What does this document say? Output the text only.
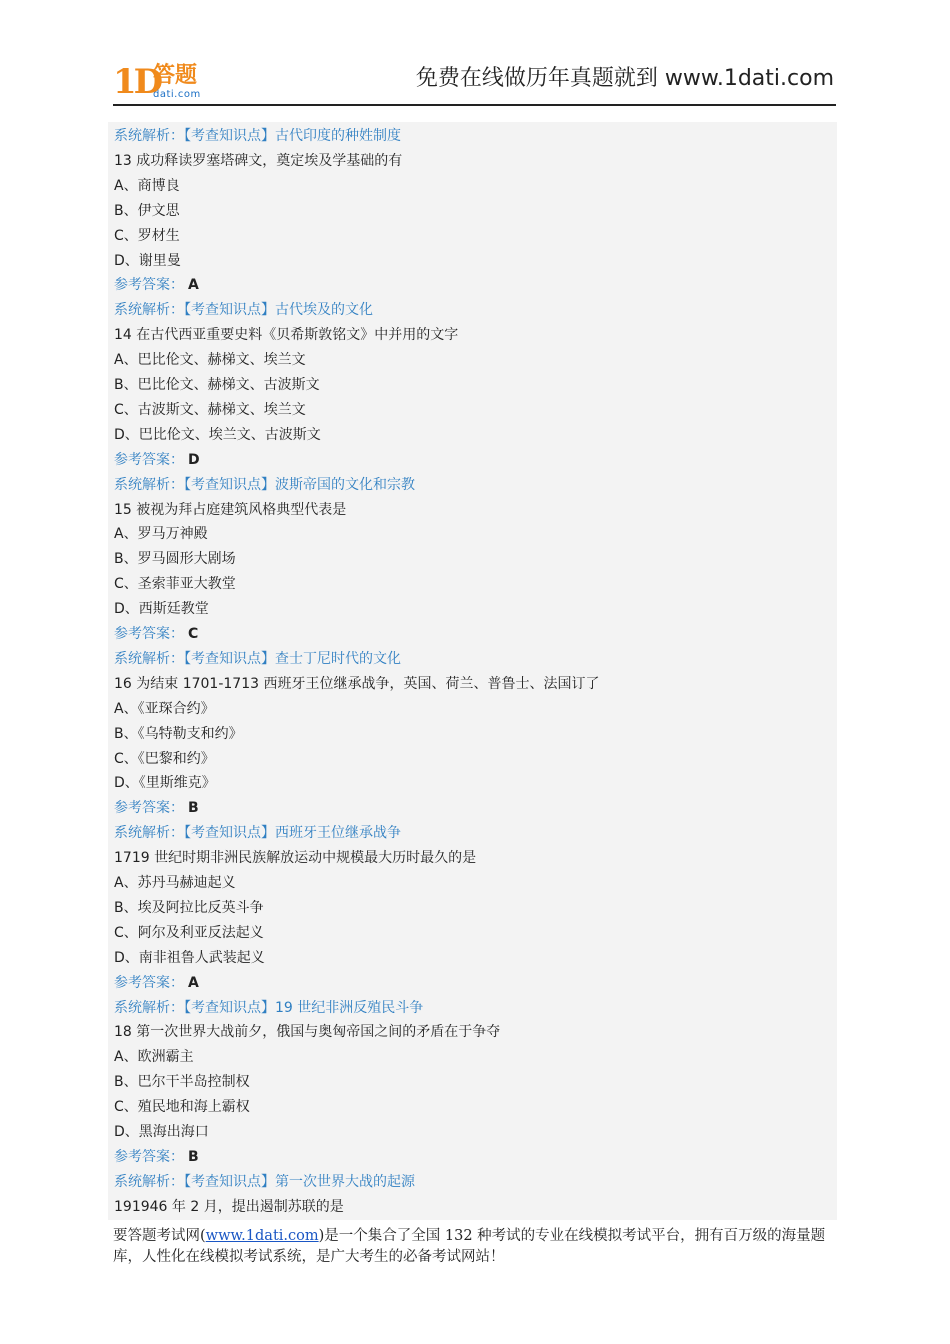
1D
答题
dati.com
免费在线做历年真题就到 www.1dati.com
系统解析：【考查知识点】古代印度的种姓制度
13 成功释读罗塞塔碑文，奠定埃及学基础的有
A、商博良
B、伊文思
C、罗材生
D、谢里曼
参考答案： A
系统解析：【考查知识点】古代埃及的文化
14 在古代西亚重要史料《贝希斯敦铭文》中并用的文字
A、巴比伦文、赫梯文、埃兰文
B、巴比伦文、赫梯文、古波斯文
C、古波斯文、赫梯文、埃兰文
D、巴比伦文、埃兰文、古波斯文
参考答案： D
系统解析：【考查知识点】波斯帝国的文化和宗教
15 被视为拜占庭建筑风格典型代表是
A、罗马万神殿
B、罗马圆形大剧场
C、圣索菲亚大教堂
D、西斯廷教堂
参考答案： C
系统解析：【考查知识点】查士丁尼时代的文化
16 为结束 1701-1713 西班牙王位继承战争，英国、荷兰、普鲁士、法国订了
A、《亚琛合约》
B、《乌特勒支和约》
C、《巴黎和约》
D、《里斯维克》
参考答案： B
系统解析：【考查知识点】西班牙王位继承战争
1719 世纪时期非洲民族解放运动中规模最大历时最久的是
A、苏丹马赫迪起义
B、埃及阿拉比反英斗争
C、阿尔及利亚反法起义
D、南非祖鲁人武装起义
参考答案： A
系统解析：【考查知识点】19 世纪非洲反殖民斗争
18 第一次世界大战前夕，俄国与奥匈帝国之间的矛盾在于争夺
A、欧洲霸主
B、巴尔干半岛控制权
C、殖民地和海上霸权
D、黑海出海口
参考答案： B
系统解析：【考查知识点】第一次世界大战的起源
191946 年 2 月，提出遏制苏联的是
要答题考试网(www.1dati.com)是一个集合了全国 132 种考试的专业在线模拟考试平台，拥有百万级的海量题库，人性化在线模拟考试系统，是广大考生的必备考试网站！
